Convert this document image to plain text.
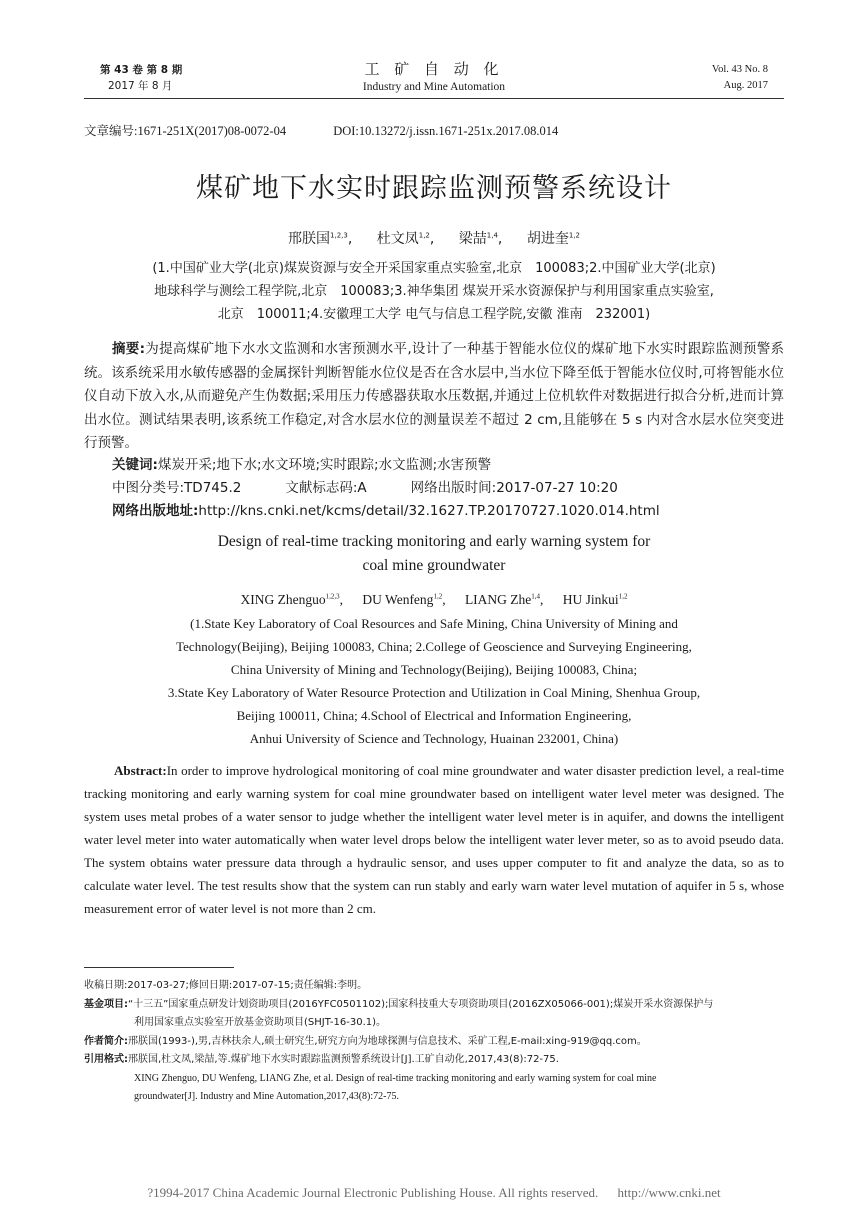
第 43 卷 第 8 期
2017 年 8 月
工 矿 自 动 化
Industry and Mine Automation
Vol. 43 No. 8
Aug. 2017
文章编号:1671-251X(2017)08-0072-04	DOI:10.13272/j.issn.1671-251x.2017.08.014
煤矿地下水实时跟踪监测预警系统设计
邢朕国$^{1,2,3}$, 杜文凤$^{1,2}$, 梁喆$^{1,4}$, 胡进奎$^{1,2}$
(1.中国矿业大学(北京)煤炭资源与安全开采国家重点实验室,北京　100083;2.中国矿业大学(北京)
地球科学与测绘工程学院,北京　100083;3.神华集团 煤炭开采水资源保护与利用国家重点实验室,
北京　100011;4.安徽理工大学 电气与信息工程学院,安徽 淮南　232001)

摘要:为提高煤矿地下水水文监测和水害预测水平,设计了一种基于智能水位仪的煤矿地下水实时跟踪监测预警系统。该系统采用水敏传感器的金属探针判断智能水位仪是否在含水层中,当水位下降至低于智能水位仪时,可将智能水位仪自动下放入水,从而避免产生伪数据;采用压力传感器获取水压数据,并通过上位机软件对数据进行拟合分析,进而计算出水位。测试结果表明,该系统工作稳定,对含水层水位的测量误差不超过 2 cm,且能够在 5 s 内对含水层水位突变进行预警。

关键词:煤炭开采;地下水;水文环境;实时跟踪;水文监测;水害预警
中图分类号:TD745.2	文献标志码:A	网络出版时间:2017-07-27 10:20
网络出版地址:http://kns.cnki.net/kcms/detail/32.1627.TP.20170727.1020.014.html
Design of real-time tracking monitoring and early warning system for
coal mine groundwater
XING Zhenguo$^{1,2,3}$, DU Wenfeng$^{1,2}$, LIANG Zhe$^{1,4}$, HU Jinkui$^{1,2}$
(1.State Key Laboratory of Coal Resources and Safe Mining, China University of Mining and
Technology(Beijing), Beijing 100083, China; 2.College of Geoscience and Surveying Engineering,
China University of Mining and Technology(Beijing), Beijing 100083, China;
3.State Key Laboratory of Water Resource Protection and Utilization in Coal Mining, Shenhua Group,
Beijing 100011, China; 4.School of Electrical and Information Engineering,
Anhui University of Science and Technology, Huainan 232001, China)

Abstract:In order to improve hydrological monitoring of coal mine groundwater and water disaster prediction level, a real-time tracking monitoring and early warning system for coal mine groundwater based on intelligent water level meter was designed. The system uses metal probes of a water sensor to judge whether the intelligent water level meter is in aquifer, and downs the intelligent water level meter into water automatically when water level drops below the intelligent water lever meter, so as to avoid pseudo data. The system obtains water pressure data through a hydraulic sensor, and uses upper computer to fit and analyze the data, so as to calculate water level. The test results show that the system can run stably and early warn water level mutation of aquifer in 5 s, whose measurement error of water level is not more than 2 cm.

收稿日期:2017-03-27;修回日期:2017-07-15;责任编辑:李明。
基金项目:“十三五”国家重点研发计划资助项目(2016YFC0501102);国家科技重大专项资助项目(2016ZX05066-001);煤炭开采水资源保护与
利用国家重点实验室开放基金资助项目(SHJT-16-30.1)。
作者简介:邢朕国(1993-),男,吉林扶余人,硕士研究生,研究方向为地球探测与信息技术、采矿工程,E-mail:xing-919@qq.com。
引用格式:邢朕国,杜文凤,梁喆,等.煤矿地下水实时跟踪监测预警系统设计[J].工矿自动化,2017,43(8):72-75.
XING Zhenguo, DU Wenfeng, LIANG Zhe, et al. Design of real-time tracking monitoring and early warning system for coal mine
groundwater[J]. Industry and Mine Automation,2017,43(8):72-75.
?1994-2017 China Academic Journal Electronic Publishing House. All rights reserved. http://www.cnki.net
